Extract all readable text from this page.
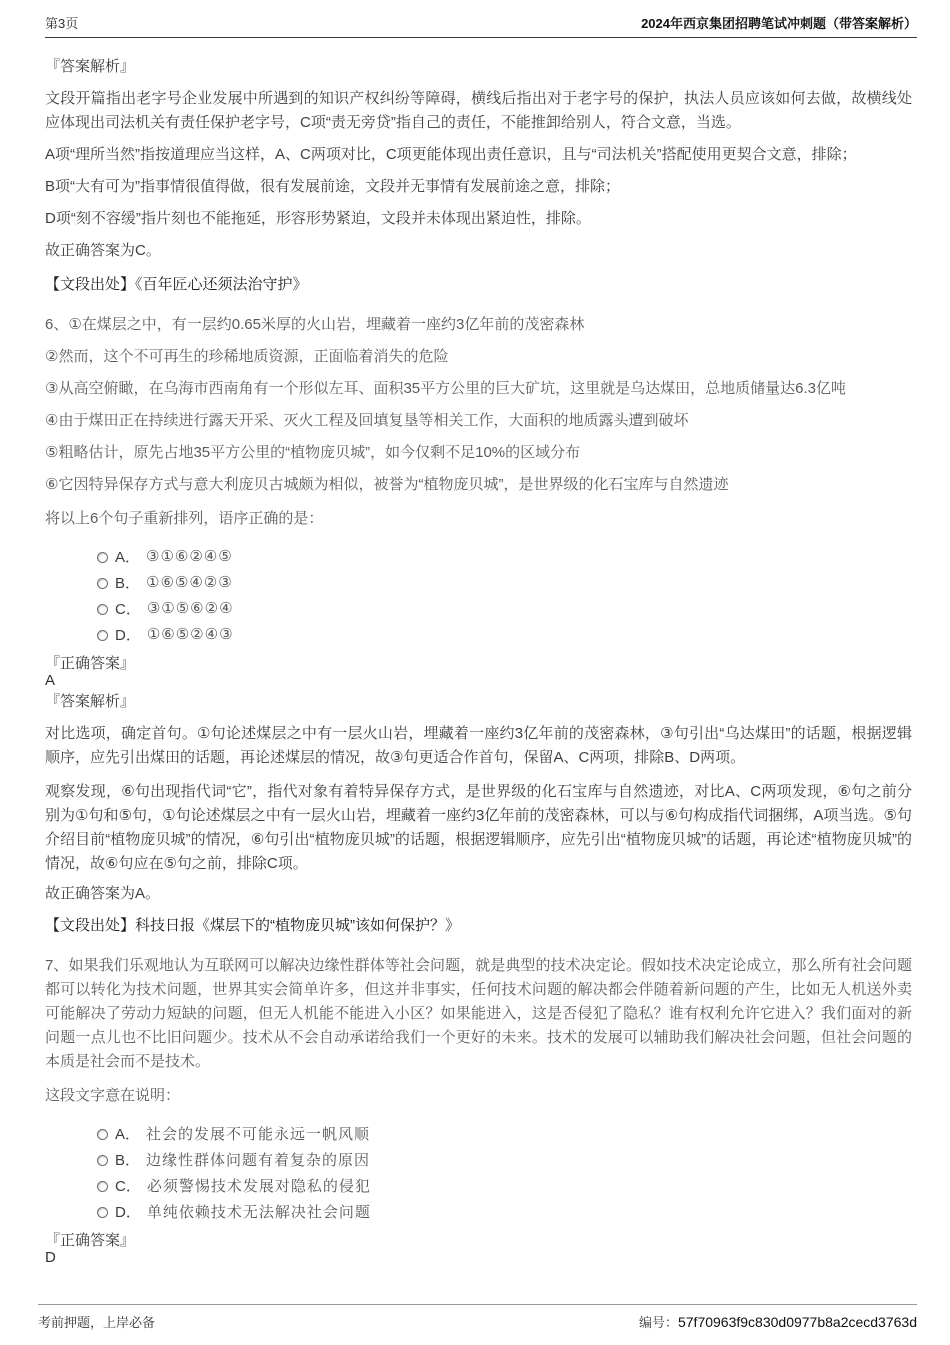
第3页	2024年西京集团招聘笔试冲刺题（带答案解析）

『答案解析』

文段开篇指出老字号企业发展中所遇到的知识产权纠纷等障碍，横线后指出对于老字号的保护，执法人员应该如何去做，故横线处应体现出司法机关有责任保护老字号，C项“责无旁贷”指自己的责任，不能推卸给别人，符合文意，当选。

A项“理所当然”指按道理应当这样，A、C两项对比，C项更能体现出责任意识，且与“司法机关”搭配使用更契合文意，排除；

B项“大有可为”指事情很值得做，很有发展前途，文段并无事情有发展前途之意，排除；

D项“刻不容缓”指片刻也不能拖延，形容形势紧迫，文段并未体现出紧迫性，排除。

故正确答案为C。

【文段出处】《百年匠心还须法治守护》

6、①在煤层之中，有一层约0.65米厚的火山岩，埋藏着一座约3亿年前的茂密森林

②然而，这个不可再生的珍稀地质资源，正面临着消失的危险

③从高空俯瞰，在乌海市西南角有一个形似左耳、面积35平方公里的巨大矿坑，这里就是乌达煤田，总地质储量达6.3亿吨

④由于煤田正在持续进行露天开采、灭火工程及回填复垦等相关工作，大面积的地质露头遭到破坏

⑤粗略估计，原先占地35平方公里的“植物庞贝城”，如今仅剩不足10%的区域分布

⑥它因特异保存方式与意大利庞贝古城颇为相似，被誉为“植物庞贝城”，是世界级的化石宝库与自然遗迹

将以上6个句子重新排列，语序正确的是：

A． ③①⑥②④⑤
B． ①⑥⑤④②③
C． ③①⑤⑥②④
D． ①⑥⑤②④③

『正确答案』

A

『答案解析』

对比选项，确定首句。①句论述煤层之中有一层火山岩，埋藏着一座约3亿年前的茂密森林，③句引出“乌达煤田”的话题，根据逻辑顺序，应先引出煤田的话题，再论述煤层的情况，故③句更适合作首句，保留A、C两项，排除B、D两项。

观察发现，⑥句出现指代词“它”，指代对象有着特异保存方式，是世界级的化石宝库与自然遗迹，对比A、C两项发现，⑥句之前分别为①句和⑤句，①句论述煤层之中有一层火山岩，埋藏着一座约3亿年前的茂密森林，可以与⑥句构成指代词捆绑，A项当选。⑤句介绍目前“植物庞贝城”的情况，⑥句引出“植物庞贝城”的话题，根据逻辑顺序，应先引出“植物庞贝城”的话题，再论述“植物庞贝城”的情况，故⑥句应在⑤句之前，排除C项。

故正确答案为A。

【文段出处】科技日报《煤层下的“植物庞贝城”该如何保护？》

7、如果我们乐观地认为互联网可以解决边缘性群体等社会问题，就是典型的技术决定论。假如技术决定论成立，那么所有社会问题都可以转化为技术问题，世界其实会简单许多，但这并非事实，任何技术问题的解决都会伴随着新问题的产生，比如无人机送外卖可能解决了劳动力短缺的问题，但无人机能不能进入小区？如果能进入，这是否侵犯了隐私？谁有权利允许它进入？我们面对的新问题一点儿也不比旧问题少。技术从不会自动承诺给我们一个更好的未来。技术的发展可以辅助我们解决社会问题，但社会问题的本质是社会而不是技术。

这段文字意在说明：

A． 社会的发展不可能永远一帆风顺
B． 边缘性群体问题有着复杂的原因
C． 必须警惕技术发展对隐私的侵犯
D． 单纯依赖技术无法解决社会问题

『正确答案』

D

考前押题，上岸必备	编号：57f70963f9c830d0977b8a2cecd3763d
